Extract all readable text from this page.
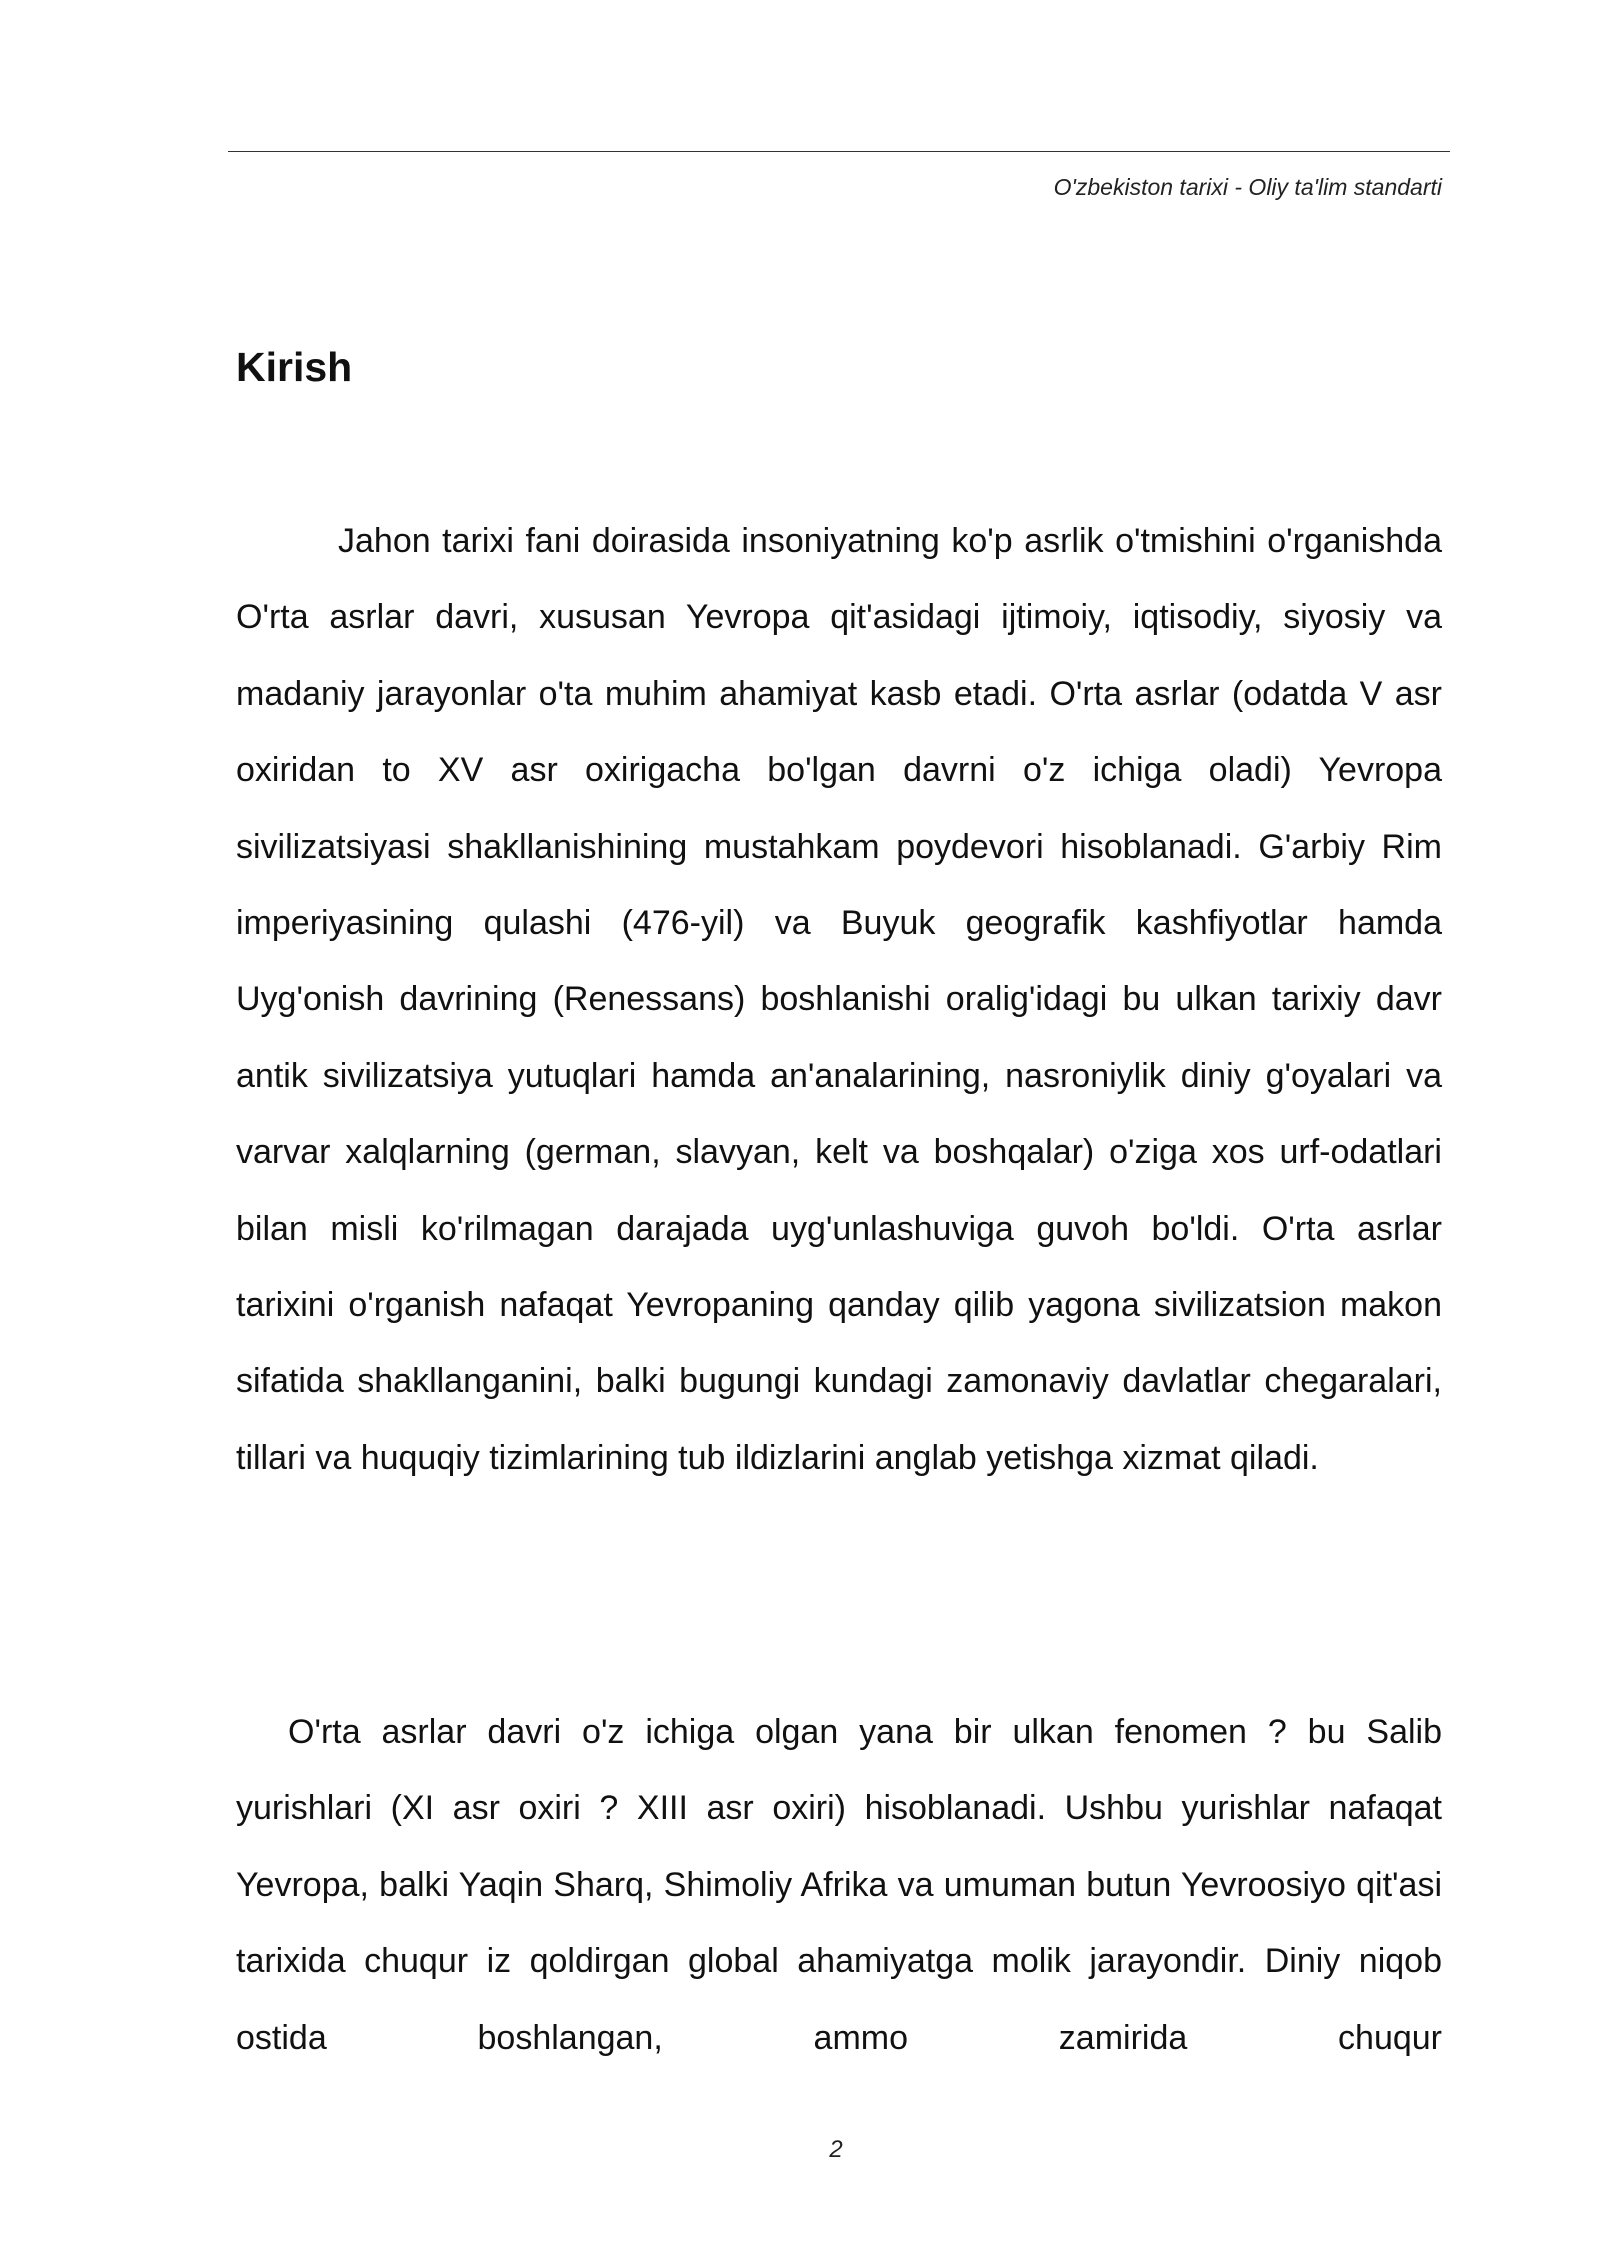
O'zbekiston tarixi - Oliy ta'lim standarti
Kirish

Jahon tarixi fani doirasida insoniyatning ko'p asrlik o'tmishini o'rganishda O'rta asrlar davri, xususan Yevropa qit'asidagi ijtimoiy, iqtisodiy, siyosiy va madaniy jarayonlar o'ta muhim ahamiyat kasb etadi. O'rta asrlar (odatda V asr oxiridan to XV asr oxirigacha bo'lgan davrni o'z ichiga oladi) Yevropa sivilizatsiyasi shakllanishining mustahkam poydevori hisoblanadi. G'arbiy Rim imperiyasining qulashi (476-yil) va Buyuk geografik kashfiyotlar hamda Uyg'onish davrining (Renessans) boshlanishi oralig'idagi bu ulkan tarixiy davr antik sivilizatsiya yutuqlari hamda an'analarining, nasroniylik diniy g'oyalari va varvar xalqlarning (german, slavyan, kelt va boshqalar) o'ziga xos urf-odatlari bilan misli ko'rilmagan darajada uyg'unlashuviga guvoh bo'ldi. O'rta asrlar tarixini o'rganish nafaqat Yevropaning qanday qilib yagona sivilizatsion makon sifatida shakllanganini, balki bugungi kundagi zamonaviy davlatlar chegaralari, tillari va huquqiy tizimlarining tub ildizlarini anglab yetishga xizmat qiladi.

O'rta asrlar davri o'z ichiga olgan yana bir ulkan fenomen ? bu Salib yurishlari (XI asr oxiri ? XIII asr oxiri) hisoblanadi. Ushbu yurishlar nafaqat Yevropa, balki Yaqin Sharq, Shimoliy Afrika va umuman butun Yevroosiyo qit'asi tarixida chuqur iz qoldirgan global ahamiyatga molik jarayondir. Diniy niqob ostida boshlangan, ammo zamirida chuqur

2
